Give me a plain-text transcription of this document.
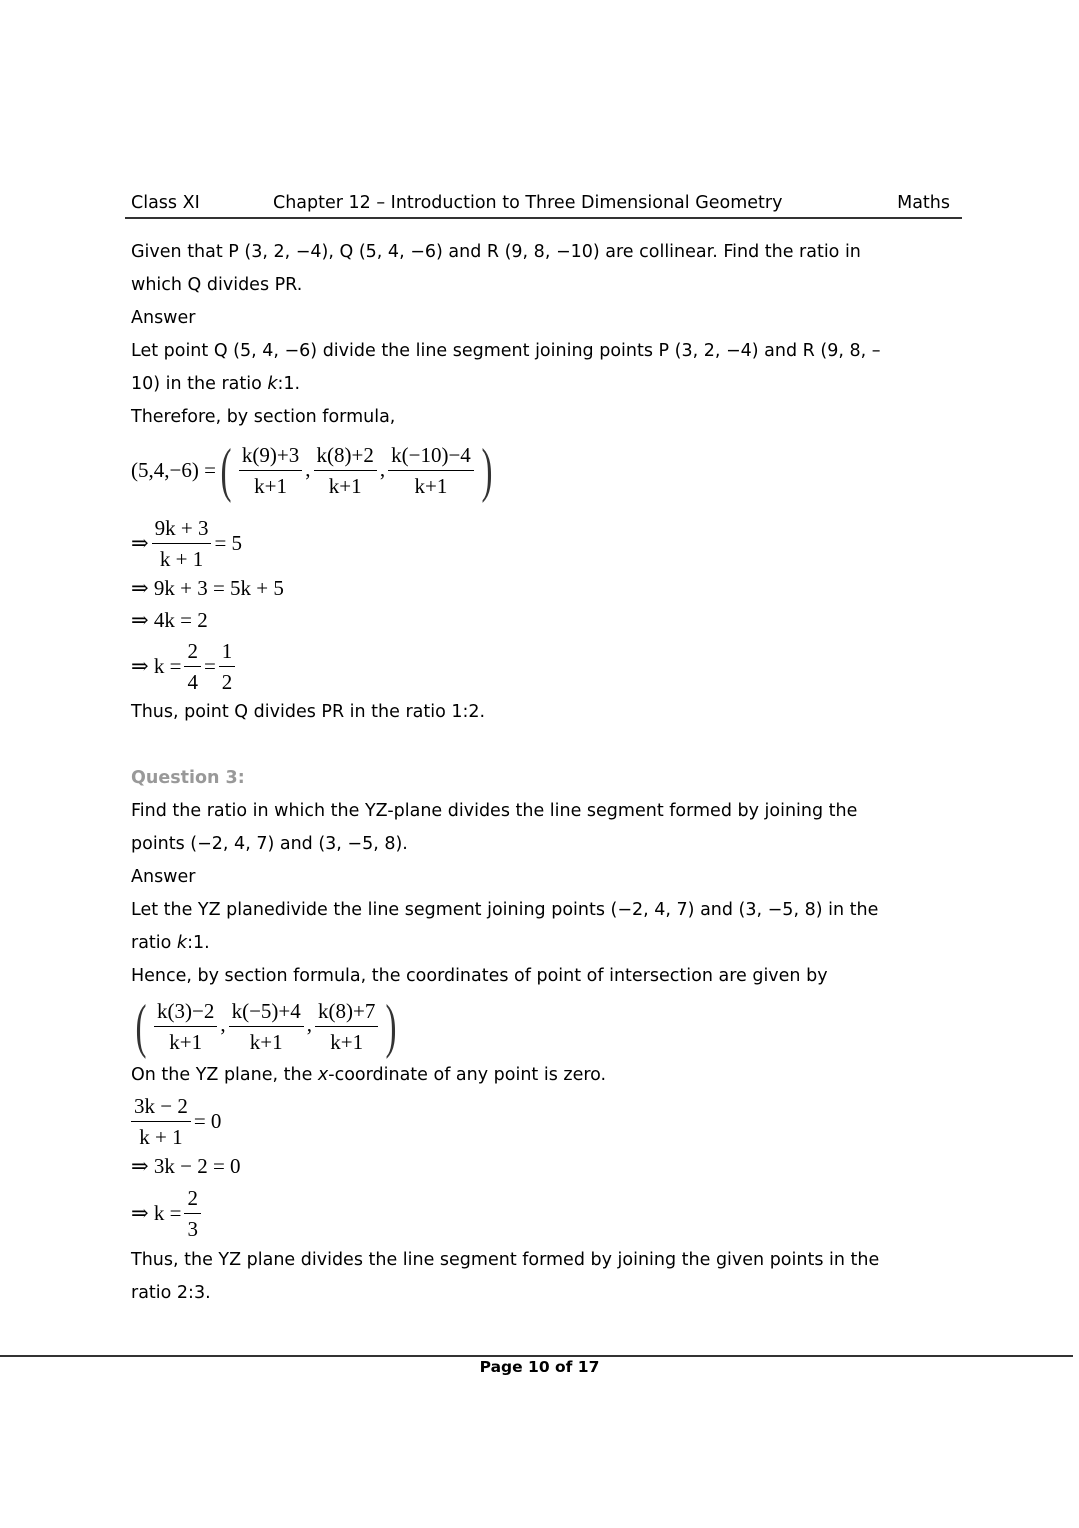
Class XI	Chapter 12 – Introduction to Three Dimensional Geometry	Maths
Given that P (3, 2, −4), Q (5, 4, −6) and R (9, 8, −10) are collinear. Find the ratio in
which Q divides PR.
Answer
Let point Q (5, 4, −6) divide the line segment joining points P (3, 2, −4) and R (9, 8, –
10) in the ratio k:1.
Therefore, by section formula,
(5,4,−6) = ( $\frac{k(9)+3}{k+1}$ , $\frac{k(8)+2}{k+1}$ , $\frac{k(-10)-4}{k+1}$ )
⇒ $\frac{9k + 3}{k + 1} = 5$
⇒ 9k + 3 = 5k + 5
⇒ 4k = 2
⇒ $k = \frac{2}{4} = \frac{1}{2}$
Thus, point Q divides PR in the ratio 1:2.
Question 3:
Find the ratio in which the YZ-plane divides the line segment formed by joining the
points (−2, 4, 7) and (3, −5, 8).
Answer
Let the YZ planedivide the line segment joining points (−2, 4, 7) and (3, −5, 8) in the
ratio k:1.
Hence, by section formula, the coordinates of point of intersection are given by
( $\frac{k(3)-2}{k+1}$ , $\frac{k(-5)+4}{k+1}$ , $\frac{k(8)+7}{k+1}$ )
On the YZ plane, the x-coordinate of any point is zero.
$\frac{3k - 2}{k + 1} = 0$
⇒ 3k − 2 = 0
⇒ $k = \frac{2}{3}$
Thus, the YZ plane divides the line segment formed by joining the given points in the
ratio 2:3.
Page 10 of 17
